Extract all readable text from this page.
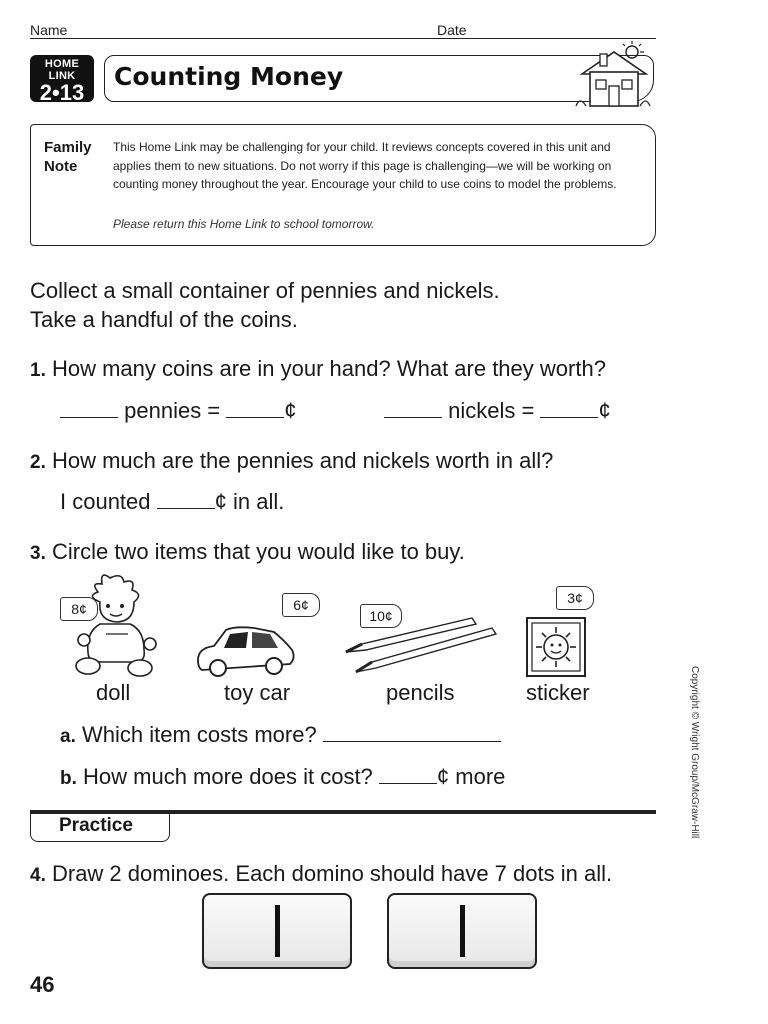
Name	Date
HOME LINK
2•13
Counting Money
Family
Note
This Home Link may be challenging for your child. It reviews concepts covered in this unit and applies them to new situations. Do not worry if this page is challenging—we will be working on counting money throughout the year. Encourage your child to use coins to model the problems.
Please return this Home Link to school tomorrow.
Collect a small container of pennies and nickels.
Take a handful of the coins.
1. How many coins are in your hand? What are they worth?
pennies =	¢	nickels =	¢
2. How much are the pennies and nickels worth in all?
I counted	¢ in all.
3. Circle two items that you would like to buy.
8¢	6¢
10¢
3¢
doll	toy car	pencils	sticker
a. Which item costs more?
b. How much more does it cost?	¢ more
Practice
4. Draw 2 dominoes. Each domino should have 7 dots in all.
46
Copyright © Wright Group/McGraw-Hill
